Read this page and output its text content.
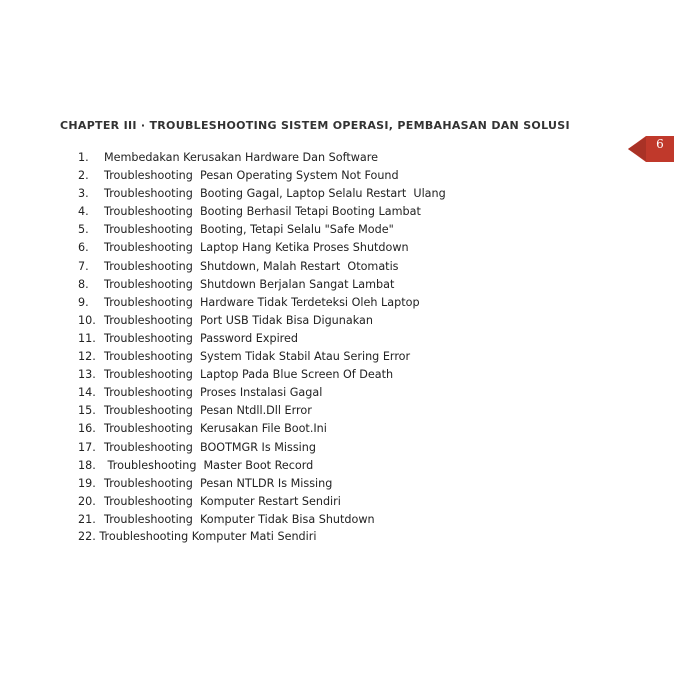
CHAPTER III · TROUBLESHOOTING SISTEM OPERASI, PEMBAHASAN DAN SOLUSI
6
1.	Membedakan Kerusakan Hardware Dan Software
2.	Troubleshooting  Pesan Operating System Not Found
3.	Troubleshooting  Booting Gagal, Laptop Selalu Restart  Ulang
4.	Troubleshooting  Booting Berhasil Tetapi Booting Lambat
5.	Troubleshooting  Booting, Tetapi Selalu "Safe Mode"
6.	Troubleshooting  Laptop Hang Ketika Proses Shutdown
7.	Troubleshooting  Shutdown, Malah Restart  Otomatis
8.	Troubleshooting  Shutdown Berjalan Sangat Lambat
9.	Troubleshooting  Hardware Tidak Terdeteksi Oleh Laptop
10. Troubleshooting  Port USB Tidak Bisa Digunakan
11. Troubleshooting  Password Expired
12. Troubleshooting  System Tidak Stabil Atau Sering Error
13. Troubleshooting  Laptop Pada Blue Screen Of Death
14. Troubleshooting  Proses Instalasi Gagal
15. Troubleshooting  Pesan Ntdll.Dll Error
16. Troubleshooting  Kerusakan File Boot.Ini
17. Troubleshooting  BOOTMGR Is Missing
18. Troubleshooting  Master Boot Record
19. Troubleshooting  Pesan NTLDR Is Missing
20. Troubleshooting  Komputer Restart Sendiri
21. Troubleshooting  Komputer Tidak Bisa Shutdown
22. Troubleshooting Komputer Mati Sendiri
